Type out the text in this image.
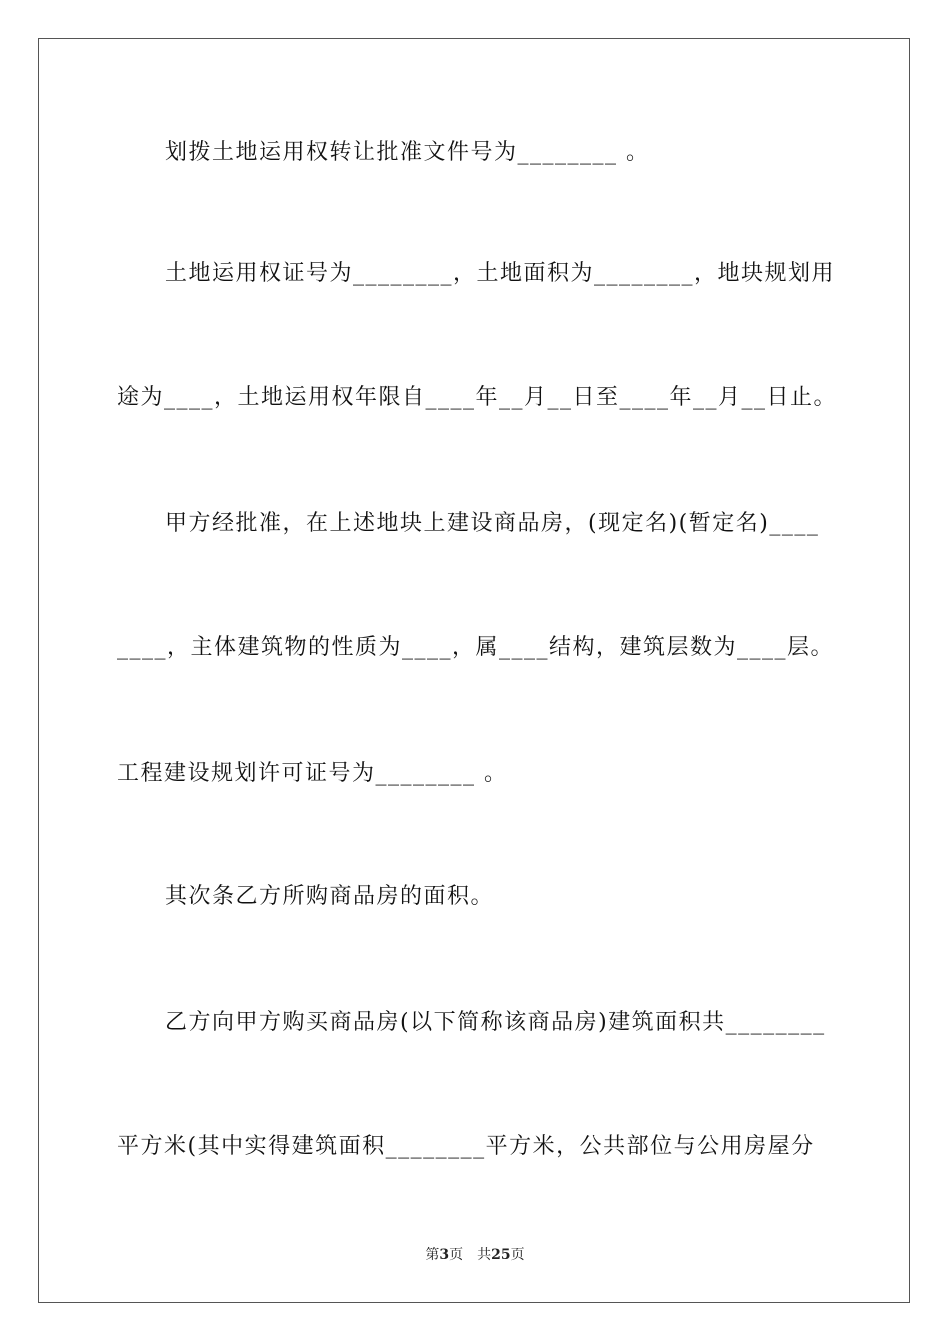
划拨土地运用权转让批准文件号为________ 。
土地运用权证号为________，土地面积为________，地块规划用
途为____，土地运用权年限自____年__月__日至____年__月__日止。
甲方经批准，在上述地块上建设商品房，(现定名)(暂定名)____
____，主体建筑物的性质为____，属____结构，建筑层数为____层。
工程建设规划许可证号为________ 。
其次条乙方所购商品房的面积。
乙方向甲方购买商品房(以下简称该商品房)建筑面积共________
平方米(其中实得建筑面积________平方米，公共部位与公用房屋分
第3页 共25页
